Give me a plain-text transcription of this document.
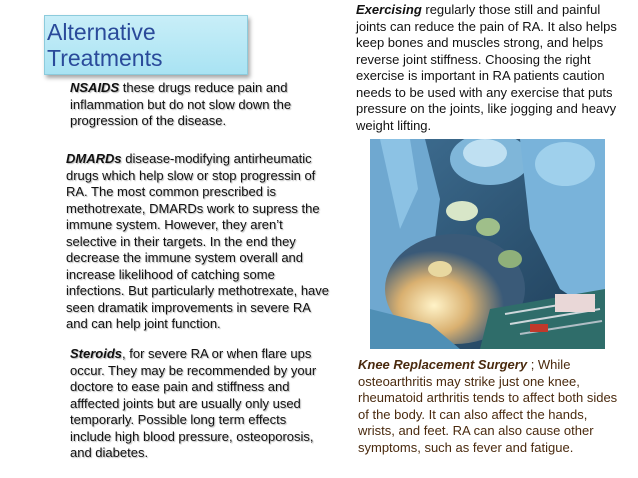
Alternative
Treatments

NSAIDS these drugs reduce pain and inflammation but do not slow down the progression of the disease.

DMARDs disease-modifying antirheumatic drugs which help slow or stop progressin of RA. The most common prescribed is methotrexate, DMARDs work to supress the immune system. However, they aren’t selective in their targets. In the end they decrease the immune system overall and increase likelihood of catching some infections. But particularly methotrexate, have seen dramatik improvements in severe RA and can help joint function.

Steroids, for severe RA or when flare ups occur. They may be recommended by your doctore to ease pain and stiffness and afffected joints but are usually only used temporarly. Possible long term effects include high blood pressure, osteoporosis, and diabetes.

Exercising regularly those still and painful joints can reduce the pain of RA. It also helps keep bones and muscles strong, and helps reverse joint stiffness. Choosing the right exercise is important in RA patients caution needs to be used with any exercise that puts pressure on the joints, like jogging and heavy weight lifting.

Knee Replacement Surgery ; While osteoarthritis may strike just one knee, rheumatoid arthritis tends to affect both sides of the body. It can also affect the hands, wrists, and feet. RA can also cause other symptoms, such as fever and fatigue.
